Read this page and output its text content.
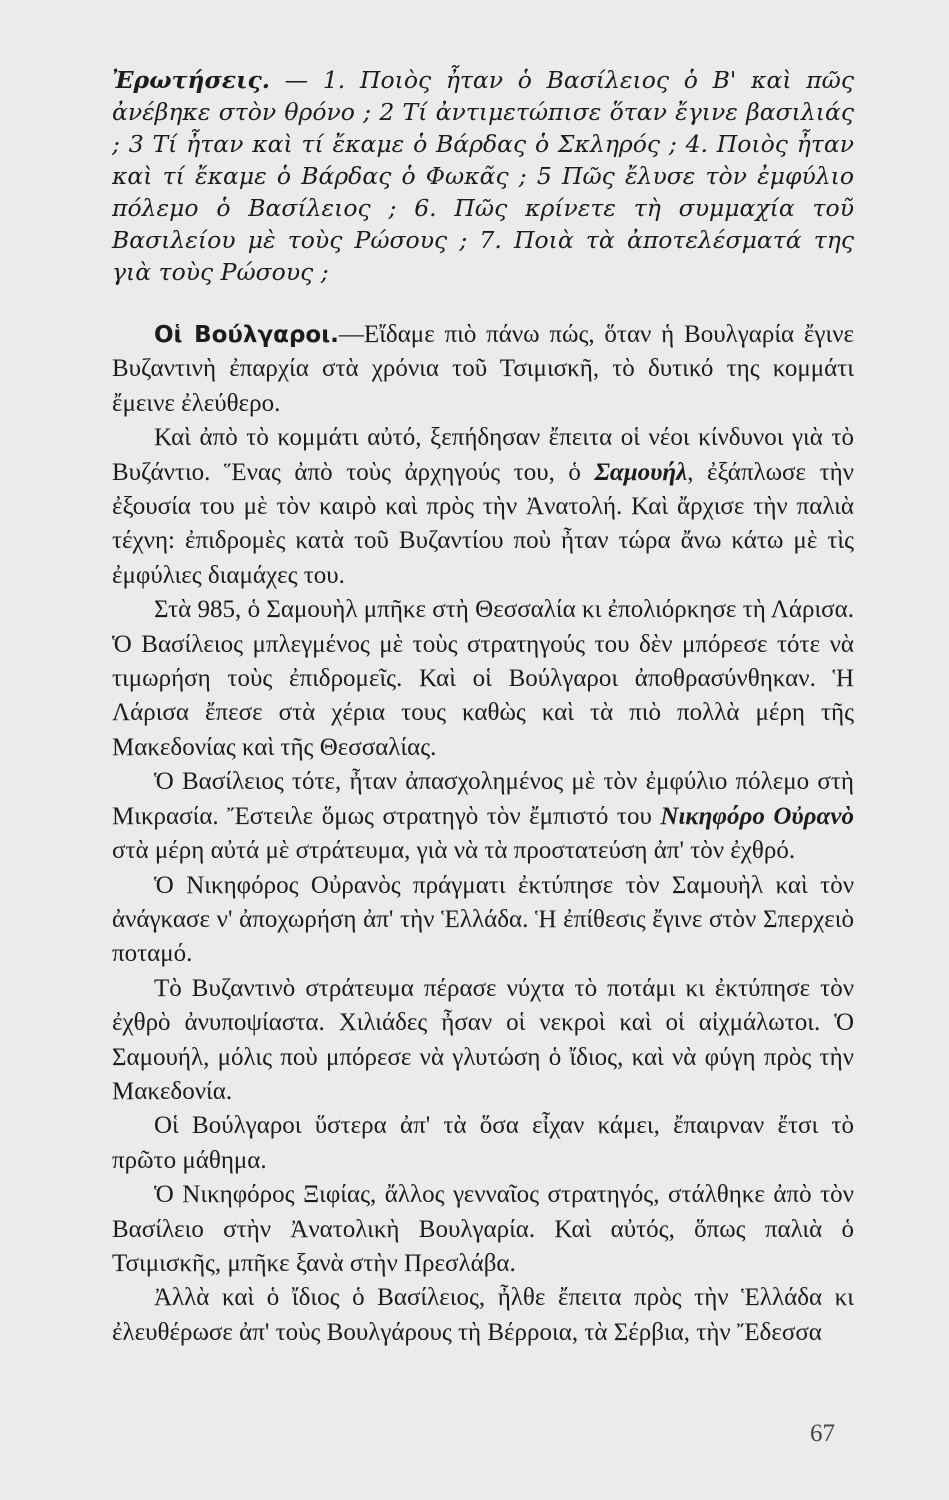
Ἐρωτήσεις. — 1. Ποιὸς ἦταν ὁ Βασίλειος ὁ Β' καὶ πῶς ἀνέβηκε στὸν θρόνο ; 2 Τί ἀντιμετώπισε ὅταν ἔγινε βασιλιάς ; 3 Τί ἦταν καὶ τί ἔκαμε ὁ Βάρδας ὁ Σκληρός ; 4. Ποιὸς ἦταν καὶ τί ἔκαμε ὁ Βάρδας ὁ Φωκᾶς ; 5 Πῶς ἔλυσε τὸν ἐμφύλιο πόλεμο ὁ Βασίλειος ; 6. Πῶς κρίνετε τὴ συμμαχία τοῦ Βασιλείου μὲ τοὺς Ρώσους ; 7. Ποιὰ τὰ ἀποτελέσματά της γιὰ τοὺς Ρώσους ;

Οἱ Βούλγαροι.—Εἴδαμε πιὸ πάνω πώς, ὅταν ἡ Βουλγαρία ἔγινε Βυζαντινὴ ἐπαρχία στὰ χρόνια τοῦ Τσιμισκῆ, τὸ δυτικό της κομμάτι ἔμεινε ἐλεύθερο.

Καὶ ἀπὸ τὸ κομμάτι αὐτό, ξεπήδησαν ἔπειτα οἱ νέοι κίνδυνοι γιὰ τὸ Βυζάντιο. Ἕνας ἀπὸ τοὺς ἀρχηγούς του, ὁ Σαμουήλ, ἐξάπλωσε τὴν ἐξουσία του μὲ τὸν καιρὸ καὶ πρὸς τὴν Ἀνατολή. Καὶ ἄρχισε τὴν παλιὰ τέχνη: ἐπιδρομὲς κατὰ τοῦ Βυζαντίου ποὺ ἦταν τώρα ἄνω κάτω μὲ τὶς ἐμφύλιες διαμάχες του.

Στὰ 985, ὁ Σαμουὴλ μπῆκε στὴ Θεσσαλία κι ἐπολιόρκησε τὴ Λάρισα. Ὁ Βασίλειος μπλεγμένος μὲ τοὺς στρατηγούς του δὲν μπόρεσε τότε νὰ τιμωρήση τοὺς ἐπιδρομεῖς. Καὶ οἱ Βούλγαροι ἀποθρασύνθηκαν. Ἡ Λάρισα ἔπεσε στὰ χέρια τους καθὼς καὶ τὰ πιὸ πολλὰ μέρη τῆς Μακεδονίας καὶ τῆς Θεσσαλίας.

Ὁ Βασίλειος τότε, ἦταν ἀπασχολημένος μὲ τὸν ἐμφύλιο πόλεμο στὴ Μικρασία. Ἔστειλε ὅμως στρατηγὸ τὸν ἔμπιστό του Νικηφόρο Οὐρανὸ στὰ μέρη αὐτά μὲ στράτευμα, γιὰ νὰ τὰ προστατεύση ἀπ' τὸν ἐχθρό.

Ὁ Νικηφόρος Οὐρανὸς πράγματι ἐκτύπησε τὸν Σαμουὴλ καὶ τὸν ἀνάγκασε ν' ἀποχωρήση ἀπ' τὴν Ἑλλάδα. Ἡ ἐπίθεσις ἔγινε στὸν Σπερχειὸ ποταμό.

Τὸ Βυζαντινὸ στράτευμα πέρασε νύχτα τὸ ποτάμι κι ἐκτύπησε τὸν ἐχθρὸ ἀνυποψίαστα. Χιλιάδες ἦσαν οἱ νεκροὶ καὶ οἱ αἰχμάλωτοι. Ὁ Σαμουήλ, μόλις ποὺ μπόρεσε νὰ γλυτώση ὁ ἴδιος, καὶ νὰ φύγη πρὸς τὴν Μακεδονία.

Οἱ Βούλγαροι ὕστερα ἀπ' τὰ ὅσα εἶχαν κάμει, ἔπαιρναν ἔτσι τὸ πρῶτο μάθημα.

Ὁ Νικηφόρος Ξιφίας, ἄλλος γενναῖος στρατηγός, στάλθηκε ἀπὸ τὸν Βασίλειο στὴν Ἀνατολικὴ Βουλγαρία. Καὶ αὐτός, ὅπως παλιὰ ὁ Τσιμισκῆς, μπῆκε ξανὰ στὴν Πρεσλάβα.

Ἀλλὰ καὶ ὁ ἴδιος ὁ Βασίλειος, ἦλθε ἔπειτα πρὸς τὴν Ἑλλάδα κι ἐλευθέρωσε ἀπ' τοὺς Βουλγάρους τὴ Βέρροια, τὰ Σέρβια, τὴν Ἔδεσσα

67
